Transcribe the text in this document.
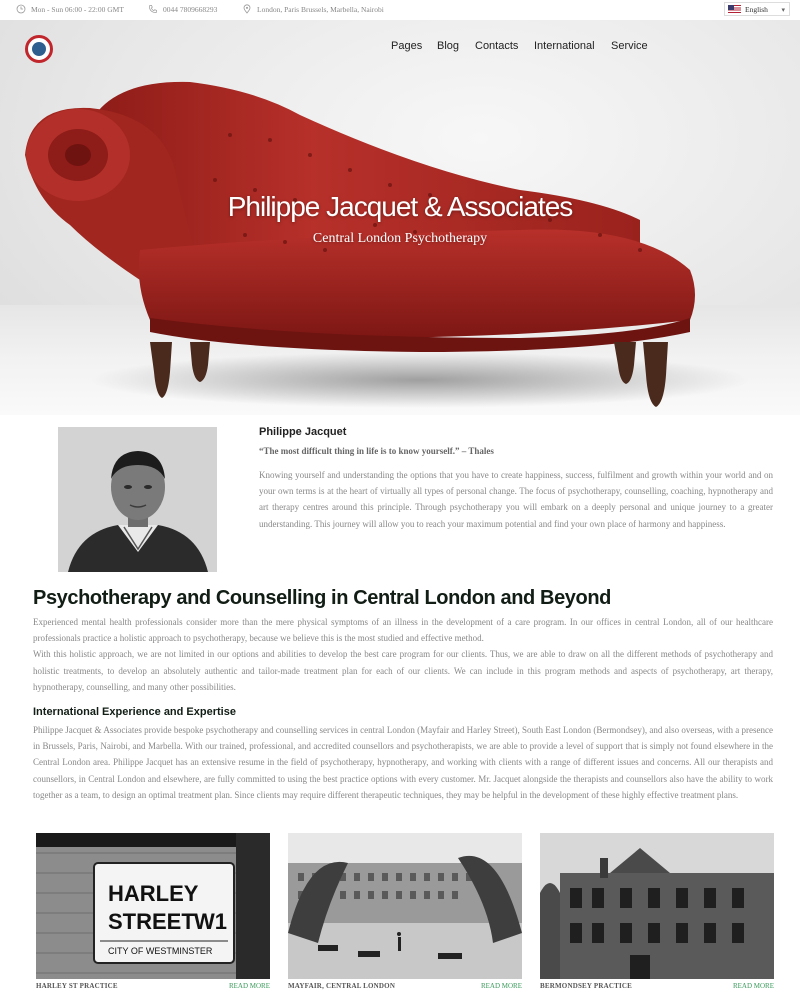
Mon - Sun 06:00 - 22:00 GMT	0044 7809668293	London, Paris Brussels, Marbella, Nairobi	English ▾
Pages Blog Contacts International Service
Philippe Jacquet & Associates
Central London Psychotherapy
Philippe Jacquet
“The most difficult thing in life is to know yourself.” – Thales
Knowing yourself and understanding the options that you have to create happiness, success, fulfilment and growth within your world and on your own terms is at the heart of virtually all types of personal change. The focus of psychotherapy, counselling, coaching, hypnotherapy and art therapy centres around this principle. Through psychotherapy you will embark on a deeply personal and unique journey to a greater understanding. This journey will allow you to reach your maximum potential and find your own place of harmony and happiness.
Psychotherapy and Counselling in Central London and Beyond
Experienced mental health professionals consider more than the mere physical symptoms of an illness in the development of a care program. In our offices in central London, all of our healthcare professionals practice a holistic approach to psychotherapy, because we believe this is the most studied and effective method.
With this holistic approach, we are not limited in our options and abilities to develop the best care program for our clients. Thus, we are able to draw on all the different methods of psychotherapy and holistic treatments, to develop an absolutely authentic and tailor-made treatment plan for each of our clients. We can include in this program methods and aspects of psychotherapy, art therapy, hypnotherapy, counselling, and many other possibilities.
International Experience and Expertise
Philippe Jacquet & Associates provide bespoke psychotherapy and counselling services in central London (Mayfair and Harley Street), South East London (Bermondsey), and also overseas, with a presence in Brussels, Paris, Nairobi, and Marbella. With our trained, professional, and accredited counsellors and psychotherapists, we are able to provide a level of support that is simply not found elsewhere in the Central London area. Philippe Jacquet has an extensive resume in the field of psychotherapy, hypnotherapy, and working with clients with a range of different issues and concerns. All our therapists and counsellors, in Central London and elsewhere, are fully committed to using the best practice options with every customer. Mr. Jacquet alongside the therapists and counsellors also have the ability to work together as a team, to design an optimal treatment plan. Since clients may require different therapeutic techniques, they may be helpful in the development of these highly effective treatment plans.
HARLEY
STREET W1
CITY OF WESTMINSTER
HARLEY ST PRACTICE	READ MORE	MAYFAIR, CENTRAL LONDON	READ MORE	BERMONDSEY PRACTICE	READ MORE
